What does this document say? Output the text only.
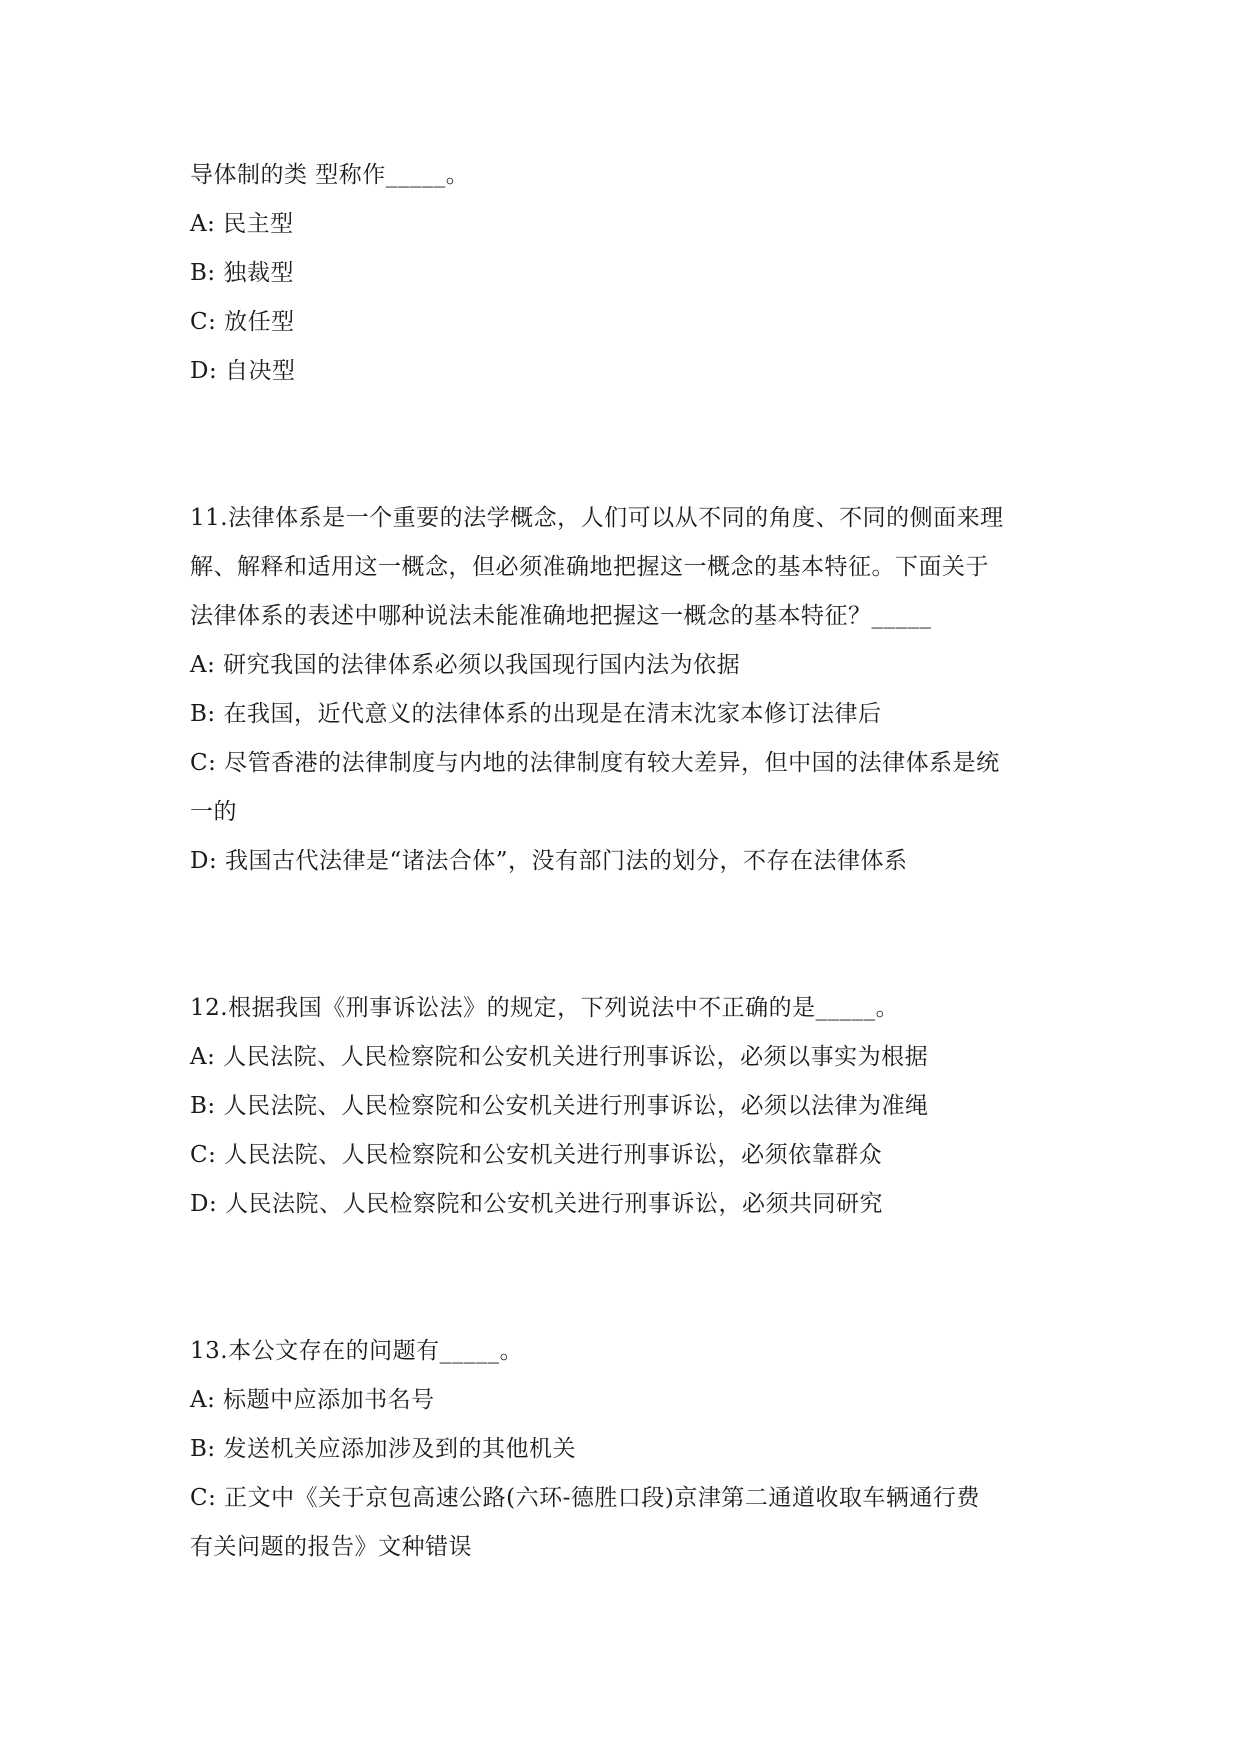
导体制的类 型称作_____。
A: 民主型
B: 独裁型
C: 放任型
D: 自决型
11.法律体系是一个重要的法学概念，人们可以从不同的角度、不同的侧面来理
解、解释和适用这一概念，但必须准确地把握这一概念的基本特征。下面关于
法律体系的表述中哪种说法未能准确地把握这一概念的基本特征？_____
A: 研究我国的法律体系必须以我国现行国内法为依据
B: 在我国，近代意义的法律体系的出现是在清末沈家本修订法律后
C: 尽管香港的法律制度与内地的法律制度有较大差异，但中国的法律体系是统
一的
D: 我国古代法律是“诸法合体”，没有部门法的划分，不存在法律体系
12.根据我国《刑事诉讼法》的规定，下列说法中不正确的是_____。
A: 人民法院、人民检察院和公安机关进行刑事诉讼，必须以事实为根据
B: 人民法院、人民检察院和公安机关进行刑事诉讼，必须以法律为准绳
C: 人民法院、人民检察院和公安机关进行刑事诉讼，必须依靠群众
D: 人民法院、人民检察院和公安机关进行刑事诉讼，必须共同研究
13.本公文存在的问题有_____。
A: 标题中应添加书名号
B: 发送机关应添加涉及到的其他机关
C: 正文中《关于京包高速公路(六环-德胜口段)京津第二通道收取车辆通行费
有关问题的报告》文种错误
